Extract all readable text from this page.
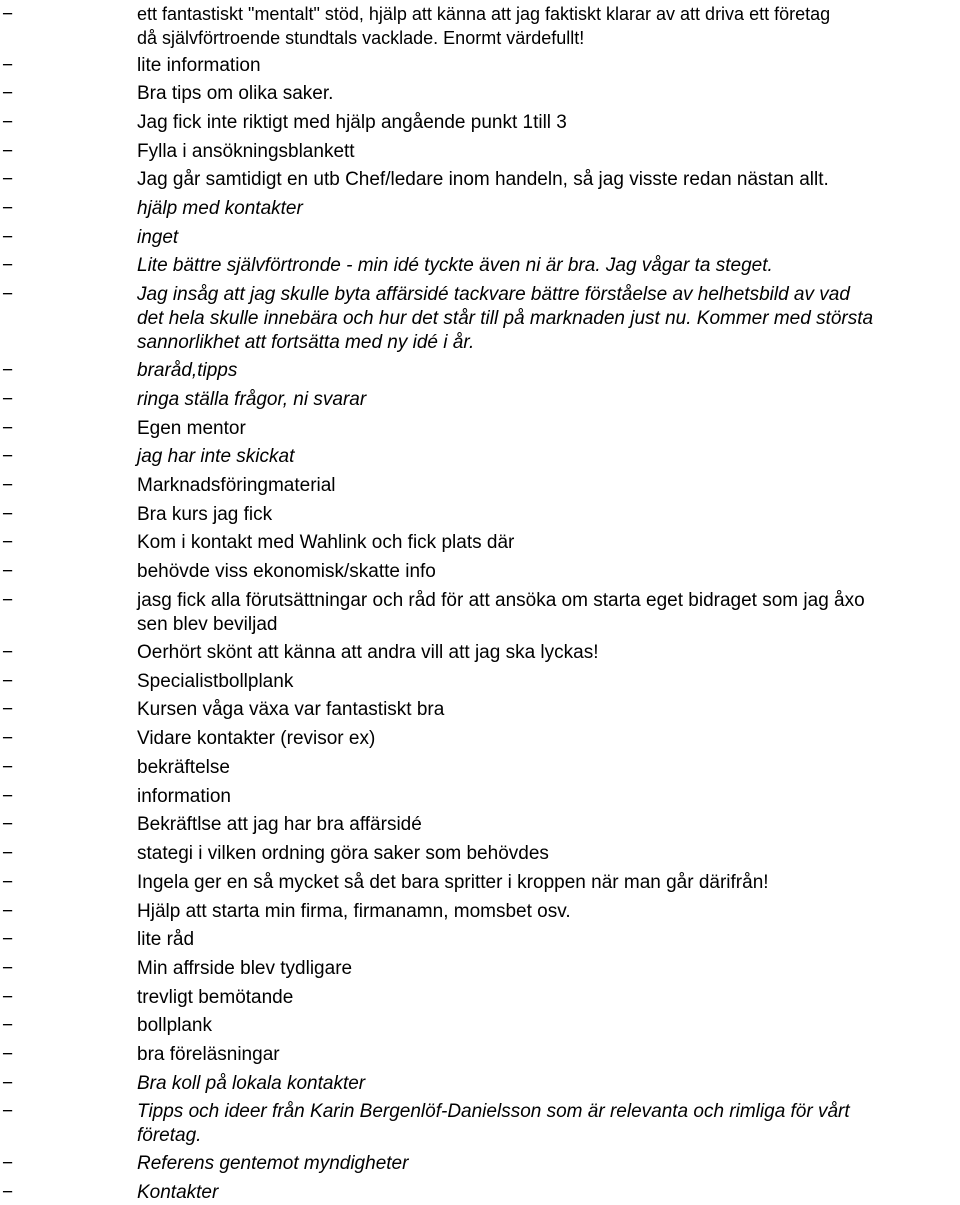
−	ett fantastiskt "mentalt" stöd, hjälp att känna att jag faktiskt klarar av att driva ett företag
då självförtroende stundtals vacklade. Enormt värdefullt!
−	lite information
−	Bra tips om olika saker.
−	Jag fick inte riktigt med hjälp angående punkt 1till 3
−	Fylla i ansökningsblankett
−	Jag går samtidigt en utb Chef/ledare inom handeln, så jag visste redan nästan allt.
−	hjälp med kontakter
−	inget
−	Lite bättre självförtronde - min idé tyckte även ni är bra. Jag vågar ta steget.
−	Jag insåg att jag skulle byta affärsidé tackvare bättre förståelse av helhetsbild av vad
det hela skulle innebära och hur det står till på marknaden just nu. Kommer med största
sannorlikhet att fortsätta med ny idé i år.
−	braråd,tipps
−	ringa ställa frågor, ni svarar
−	Egen mentor
−	jag har inte skickat
−	Marknadsföringmaterial
−	Bra kurs jag fick
−	Kom i kontakt med Wahlink och fick plats där
−	behövde viss ekonomisk/skatte info
−	jasg fick alla förutsättningar och råd för att ansöka om starta eget bidraget som jag åxo
sen blev beviljad
−	Oerhört skönt att känna att andra vill att jag ska lyckas!
−	Specialistbollplank
−	Kursen våga växa var fantastiskt bra
−	Vidare kontakter (revisor ex)
−	bekräftelse
−	information
−	Bekräftlse att jag har bra affärsidé
−	stategi i vilken ordning göra saker som behövdes
−	Ingela ger en så mycket så det bara spritter i kroppen när man går därifrån!
−	Hjälp att starta min firma, firmanamn, momsbet osv.
−	lite råd
−	Min affrside blev tydligare
−	trevligt bemötande
−	bollplank
−	bra föreläsningar
−	Bra koll på lokala kontakter
−	Tipps och ideer från Karin Bergenlöf-Danielsson som är relevanta och rimliga för vårt
företag.
−	Referens gentemot myndigheter
−	Kontakter
